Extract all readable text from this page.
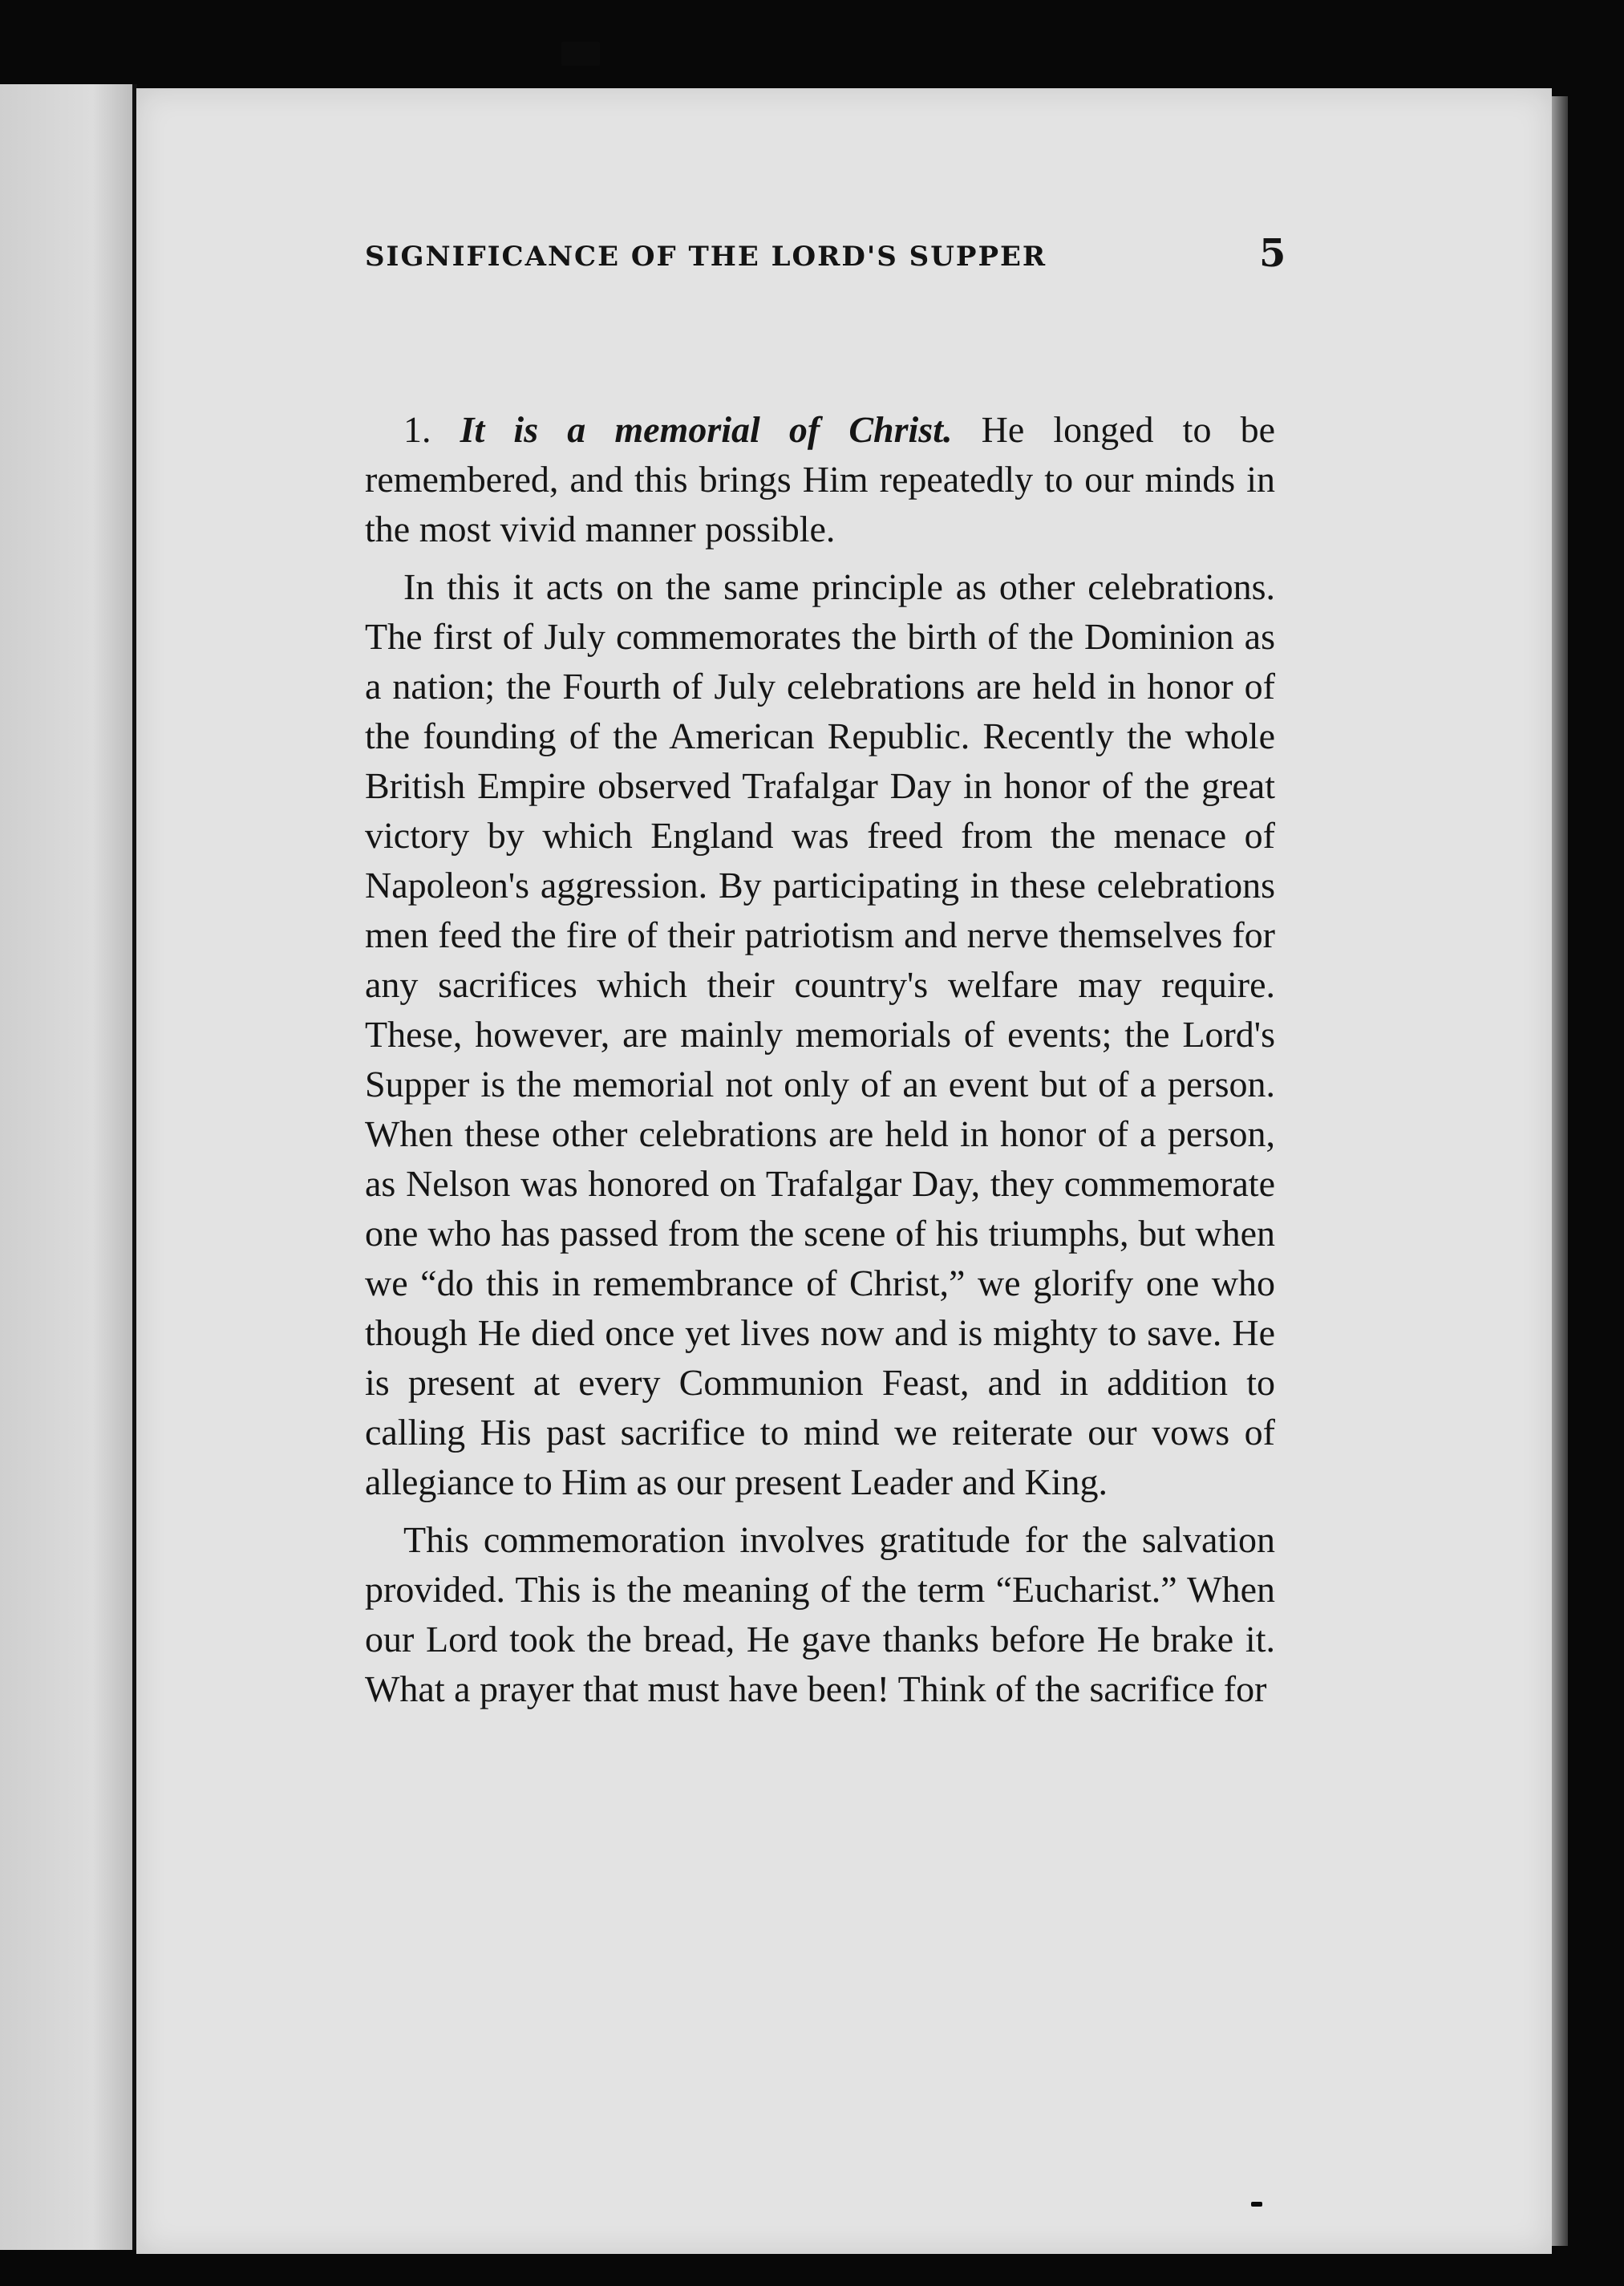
SIGNIFICANCE OF THE LORD'S SUPPER	5

1. It is a memorial of Christ. He longed to be remembered, and this brings Him repeatedly to our minds in the most vivid manner possible.

In this it acts on the same principle as other celebrations. The first of July commemorates the birth of the Dominion as a nation; the Fourth of July celebrations are held in honor of the founding of the American Republic. Recently the whole British Empire observed Trafalgar Day in honor of the great victory by which England was freed from the menace of Napoleon's aggression. By participating in these celebrations men feed the fire of their patriotism and nerve themselves for any sacrifices which their country's welfare may require. These, however, are mainly memorials of events; the Lord's Supper is the memorial not only of an event but of a person. When these other celebrations are held in honor of a person, as Nelson was honored on Trafalgar Day, they commemorate one who has passed from the scene of his triumphs, but when we “do this in remembrance of Christ,” we glorify one who though He died once yet lives now and is mighty to save. He is present at every Communion Feast, and in addition to calling His past sacrifice to mind we reiterate our vows of allegiance to Him as our present Leader and King.

This commemoration involves gratitude for the salvation provided. This is the meaning of the term “Eucharist.” When our Lord took the bread, He gave thanks before He brake it. What a prayer that must have been! Think of the sacrifice for
